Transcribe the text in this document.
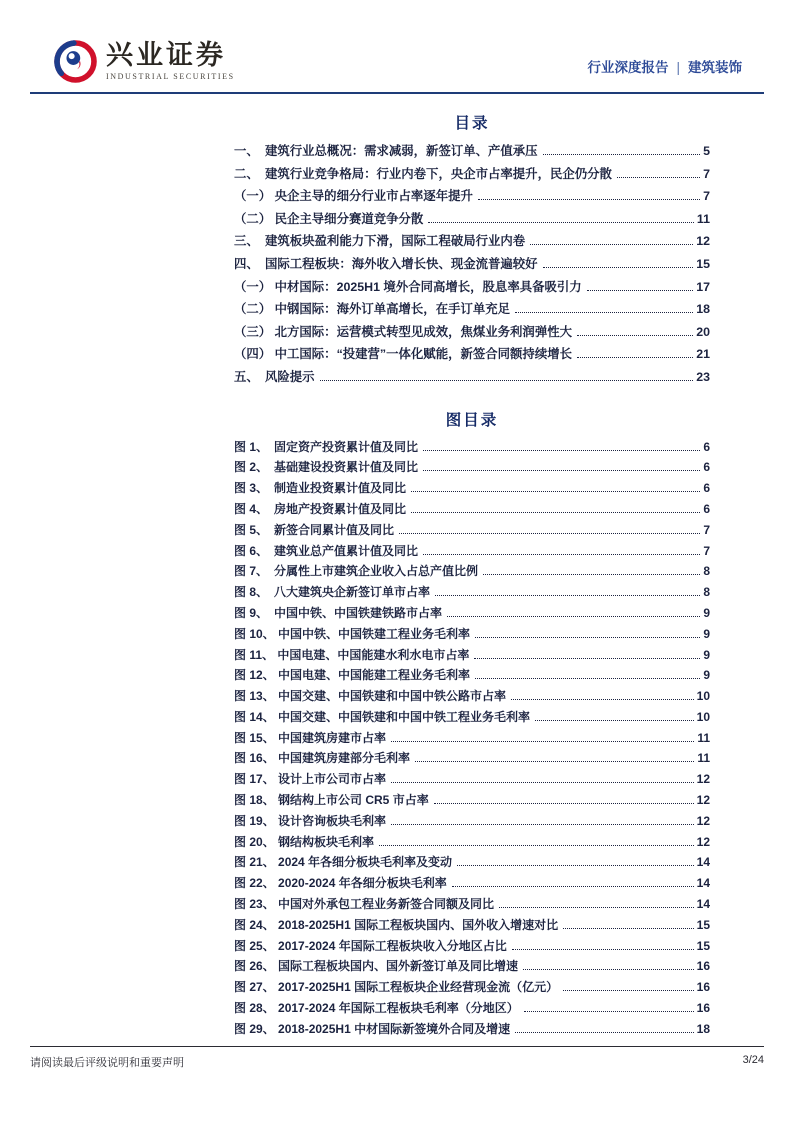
兴业证券
INDUSTRIAL SECURITIES
行业深度报告 | 建筑装饰
目录
一、　建筑行业总概况：需求减弱，新签订单、产值承压	5
二、　建筑行业竞争格局：行业内卷下，央企市占率提升，民企仍分散	7
（一） 央企主导的细分行业市占率逐年提升	7
（二） 民企主导细分赛道竞争分散	11
三、　建筑板块盈利能力下滑，国际工程破局行业内卷	12
四、　国际工程板块：海外收入增长快、现金流普遍较好	15
（一） 中材国际：2025H1 境外合同高增长，股息率具备吸引力	17
（二） 中钢国际：海外订单高增长，在手订单充足	18
（三） 北方国际：运营模式转型见成效，焦煤业务利润弹性大	20
（四） 中工国际：“投建营”一体化赋能，新签合同额持续增长	21
五、　风险提示	23
图目录
图 1、　固定资产投资累计值及同比	6
图 2、　基础建设投资累计值及同比	6
图 3、　制造业投资累计值及同比	6
图 4、　房地产投资累计值及同比	6
图 5、　新签合同累计值及同比	7
图 6、　建筑业总产值累计值及同比	7
图 7、　分属性上市建筑企业收入占总产值比例	8
图 8、　八大建筑央企新签订单市占率	8
图 9、　中国中铁、中国铁建铁路市占率	9
图 10、 中国中铁、中国铁建工程业务毛利率	9
图 11、 中国电建、中国能建水利水电市占率	9
图 12、 中国电建、中国能建工程业务毛利率	9
图 13、 中国交建、中国铁建和中国中铁公路市占率	10
图 14、 中国交建、中国铁建和中国中铁工程业务毛利率	10
图 15、 中国建筑房建市占率	11
图 16、 中国建筑房建部分毛利率	11
图 17、 设计上市公司市占率	12
图 18、 钢结构上市公司 CR5 市占率	12
图 19、 设计咨询板块毛利率	12
图 20、 钢结构板块毛利率	12
图 21、 2024 年各细分板块毛利率及变动	14
图 22、 2020-2024 年各细分板块毛利率	14
图 23、 中国对外承包工程业务新签合同额及同比	14
图 24、 2018-2025H1 国际工程板块国内、国外收入增速对比	15
图 25、 2017-2024 年国际工程板块收入分地区占比	15
图 26、 国际工程板块国内、国外新签订单及同比增速	16
图 27、 2017-2025H1 国际工程板块企业经营现金流（亿元）	16
图 28、 2017-2024 年国际工程板块毛利率（分地区）	16
图 29、 2018-2025H1 中材国际新签境外合同及增速	18
请阅读最后评级说明和重要声明	3/24
